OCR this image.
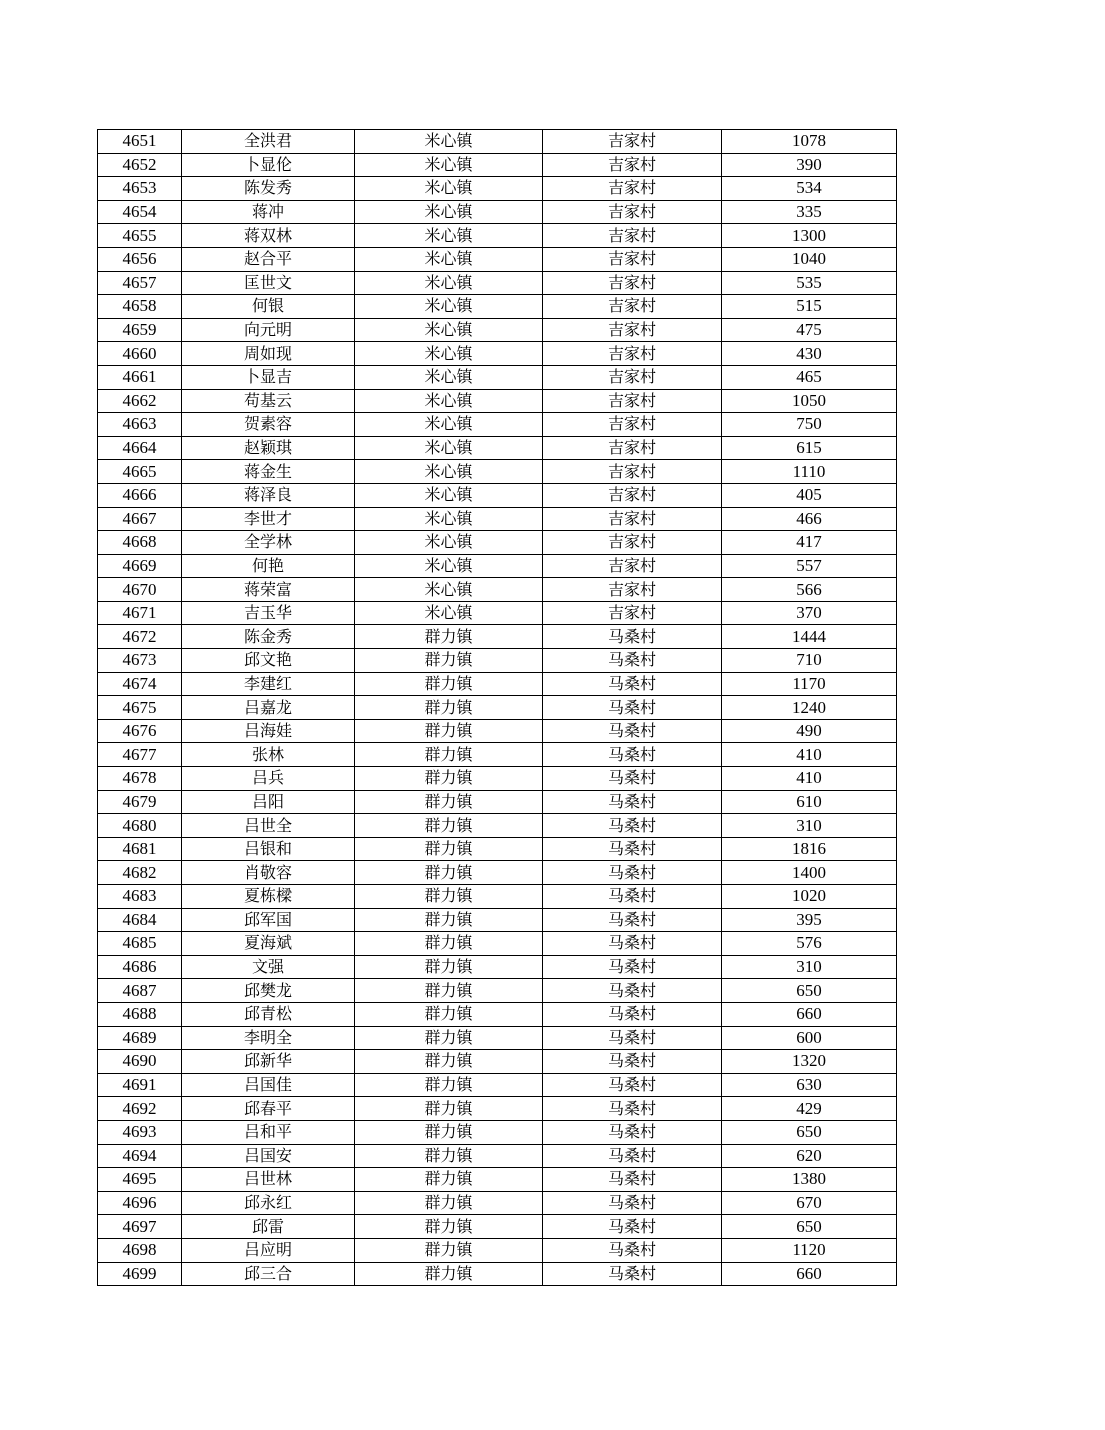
4651	全洪君	米心镇	吉家村	1078
4652	卜显伦	米心镇	吉家村	390
4653	陈发秀	米心镇	吉家村	534
4654	蒋冲	米心镇	吉家村	335
4655	蒋双林	米心镇	吉家村	1300
4656	赵合平	米心镇	吉家村	1040
4657	匡世文	米心镇	吉家村	535
4658	何银	米心镇	吉家村	515
4659	向元明	米心镇	吉家村	475
4660	周如现	米心镇	吉家村	430
4661	卜显吉	米心镇	吉家村	465
4662	苟基云	米心镇	吉家村	1050
4663	贺素容	米心镇	吉家村	750
4664	赵颖琪	米心镇	吉家村	615
4665	蒋金生	米心镇	吉家村	1110
4666	蒋泽良	米心镇	吉家村	405
4667	李世才	米心镇	吉家村	466
4668	全学林	米心镇	吉家村	417
4669	何艳	米心镇	吉家村	557
4670	蒋荣富	米心镇	吉家村	566
4671	吉玉华	米心镇	吉家村	370
4672	陈金秀	群力镇	马桑村	1444
4673	邱文艳	群力镇	马桑村	710
4674	李建红	群力镇	马桑村	1170
4675	吕嘉龙	群力镇	马桑村	1240
4676	吕海娃	群力镇	马桑村	490
4677	张林	群力镇	马桑村	410
4678	吕兵	群力镇	马桑村	410
4679	吕阳	群力镇	马桑村	610
4680	吕世全	群力镇	马桑村	310
4681	吕银和	群力镇	马桑村	1816
4682	肖敬容	群力镇	马桑村	1400
4683	夏栋樑	群力镇	马桑村	1020
4684	邱军国	群力镇	马桑村	395
4685	夏海斌	群力镇	马桑村	576
4686	文强	群力镇	马桑村	310
4687	邱樊龙	群力镇	马桑村	650
4688	邱青松	群力镇	马桑村	660
4689	李明全	群力镇	马桑村	600
4690	邱新华	群力镇	马桑村	1320
4691	吕国佳	群力镇	马桑村	630
4692	邱春平	群力镇	马桑村	429
4693	吕和平	群力镇	马桑村	650
4694	吕国安	群力镇	马桑村	620
4695	吕世林	群力镇	马桑村	1380
4696	邱永红	群力镇	马桑村	670
4697	邱雷	群力镇	马桑村	650
4698	吕应明	群力镇	马桑村	1120
4699	邱三合	群力镇	马桑村	660
